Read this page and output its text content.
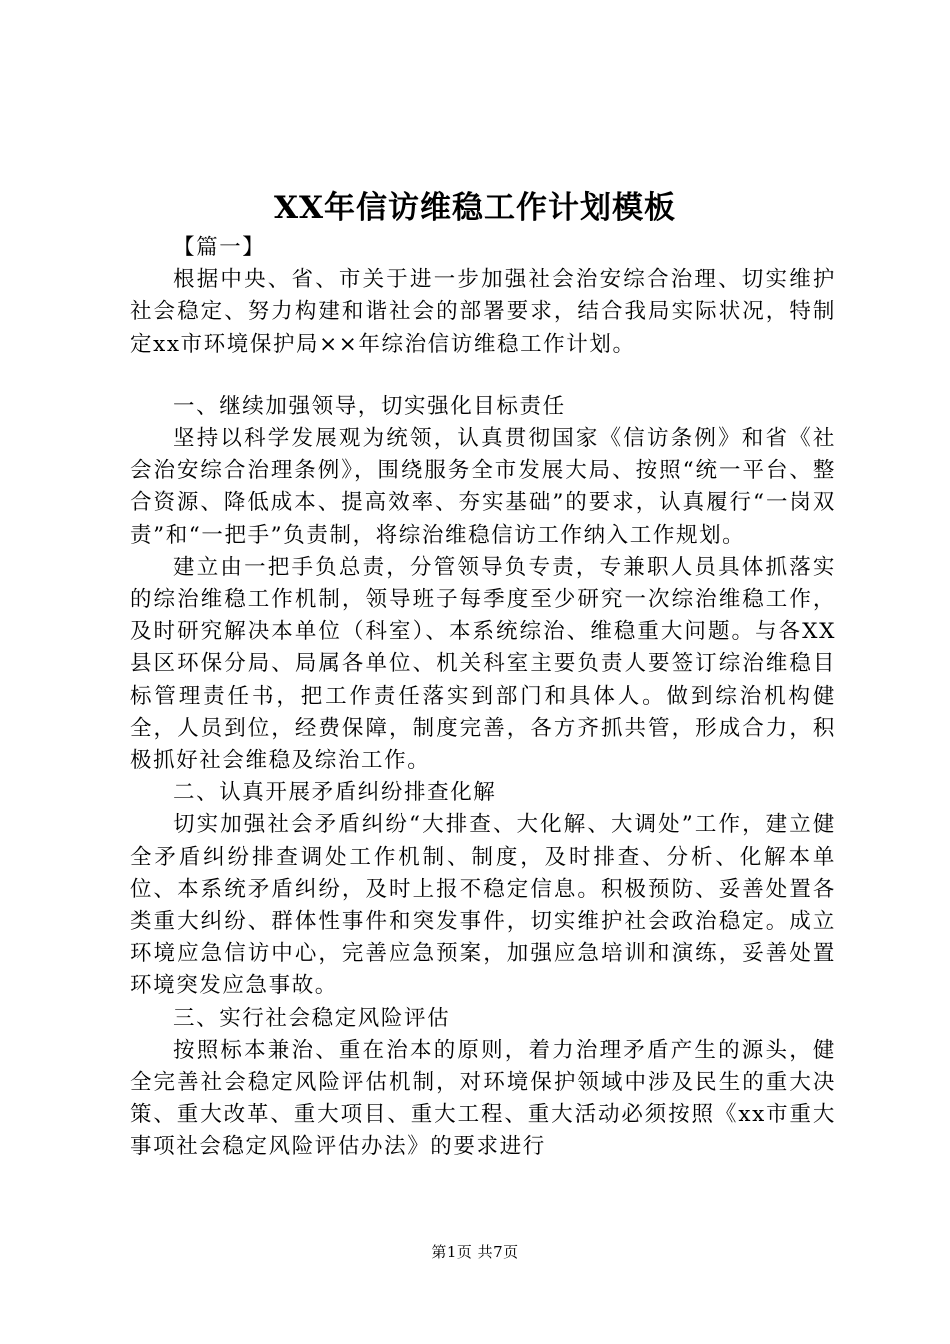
XX年信访维稳工作计划模板

【篇一】

根据中央、省、市关于进一步加强社会治安综合治理、切实维护社会稳定、努力构建和谐社会的部署要求，结合我局实际状况，特制定xx市环境保护局××年综治信访维稳工作计划。

一、继续加强领导，切实强化目标责任

坚持以科学发展观为统领，认真贯彻国家《信访条例》和省《社会治安综合治理条例》，围绕服务全市发展大局、按照“统一平台、整合资源、降低成本、提高效率、夯实基础”的要求，认真履行“一岗双责”和“一把手”负责制，将综治维稳信访工作纳入工作规划。

建立由一把手负总责，分管领导负专责，专兼职人员具体抓落实的综治维稳工作机制，领导班子每季度至少研究一次综治维稳工作，及时研究解决本单位（科室）、本系统综治、维稳重大问题。与各XX县区环保分局、局属各单位、机关科室主要负责人要签订综治维稳目标管理责任书，把工作责任落实到部门和具体人。做到综治机构健全，人员到位，经费保障，制度完善，各方齐抓共管，形成合力，积极抓好社会维稳及综治工作。

二、认真开展矛盾纠纷排查化解

切实加强社会矛盾纠纷“大排查、大化解、大调处”工作，建立健全矛盾纠纷排查调处工作机制、制度，及时排查、分析、化解本单位、本系统矛盾纠纷，及时上报不稳定信息。积极预防、妥善处置各类重大纠纷、群体性事件和突发事件，切实维护社会政治稳定。成立环境应急信访中心，完善应急预案，加强应急培训和演练，妥善处置环境突发应急事故。

三、实行社会稳定风险评估

按照标本兼治、重在治本的原则，着力治理矛盾产生的源头，健全完善社会稳定风险评估机制，对环境保护领域中涉及民生的重大决策、重大改革、重大项目、重大工程、重大活动必须按照《xx市重大事项社会稳定风险评估办法》的要求进行

第1页 共7页
